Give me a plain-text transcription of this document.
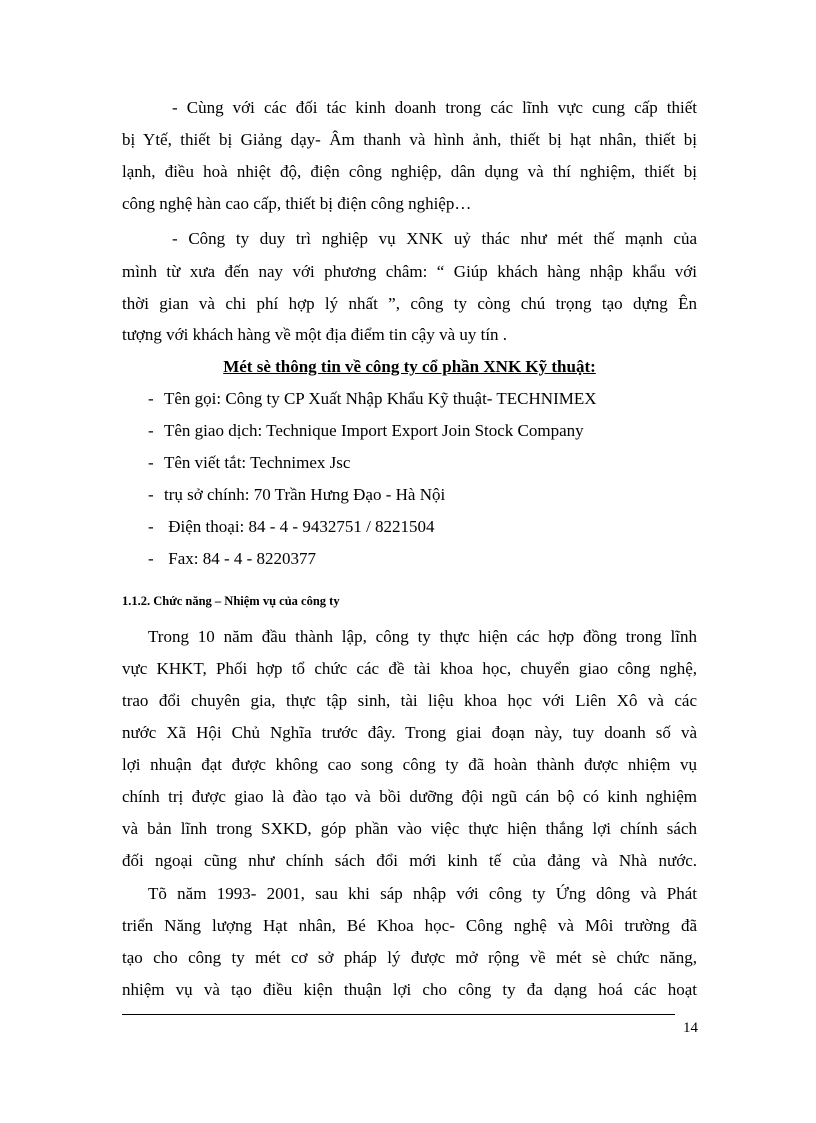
- Cùng với các đối tác kinh doanh trong các lĩnh vực cung cấp thiết
bị Ytế, thiết bị Giảng dạy- Âm thanh và hình ảnh, thiết bị hạt nhân, thiết bị
lạnh, điều hoà nhiệt độ, điện công nghiệp, dân dụng và thí nghiệm, thiết bị
công nghệ hàn cao cấp, thiết bị điện công nghiệp…
- Công ty duy trì nghiệp vụ XNK uỷ thác như mét thế mạnh của
mình từ xưa đến nay với phương châm: “ Giúp khách hàng nhập khẩu với
thời gian và chi phí hợp lý nhất ”, công ty còng chú trọng tạo dựng Ên
tượng với khách hàng về một địa điểm tin cậy và uy tín .
Mét sè thông tin về công ty cổ phần XNK Kỹ thuật:
- Tên gọi: Công ty CP Xuất Nhập Khẩu Kỹ thuật- TECHNIMEX
- Tên giao dịch: Technique Import Export Join Stock Company
- Tên viết tắt: Technimex Jsc
- trụ sở chính: 70 Trần Hưng Đạo - Hà Nội
- Điện thoại: 84 - 4 - 9432751 / 8221504
- Fax: 84 - 4 - 8220377
1.1.2. Chức năng – Nhiệm vụ của công ty
Trong 10 năm đầu thành lập, công ty thực hiện các hợp đồng trong lĩnh
vực KHKT, Phối hợp tổ chức các đề tài khoa học, chuyển giao công nghệ,
trao đổi chuyên gia, thực tập sinh, tài liệu khoa học với Liên Xô và các
nước Xã Hội Chủ Nghĩa trước đây. Trong giai đoạn này, tuy doanh số và
lợi nhuận đạt được không cao song công ty đã hoàn thành được nhiệm vụ
chính trị được giao là đào tạo và bồi dưỡng đội ngũ cán bộ có kinh nghiệm
và bản lĩnh trong SXKD, góp phần vào việc thực hiện thắng lợi chính sách
đối ngoại cũng như chính sách đổi mới kinh tế của đảng và Nhà nước.
Tõ năm 1993- 2001, sau khi sáp nhập với công ty Ứng dông và Phát
triển Năng lượng Hạt nhân, Bé Khoa học- Công nghệ và Môi trường đã
tạo cho công ty mét cơ sở pháp lý được mở rộng về mét sè chức năng,
nhiệm vụ và tạo điều kiện thuận lợi cho công ty đa dạng hoá các hoạt
14
